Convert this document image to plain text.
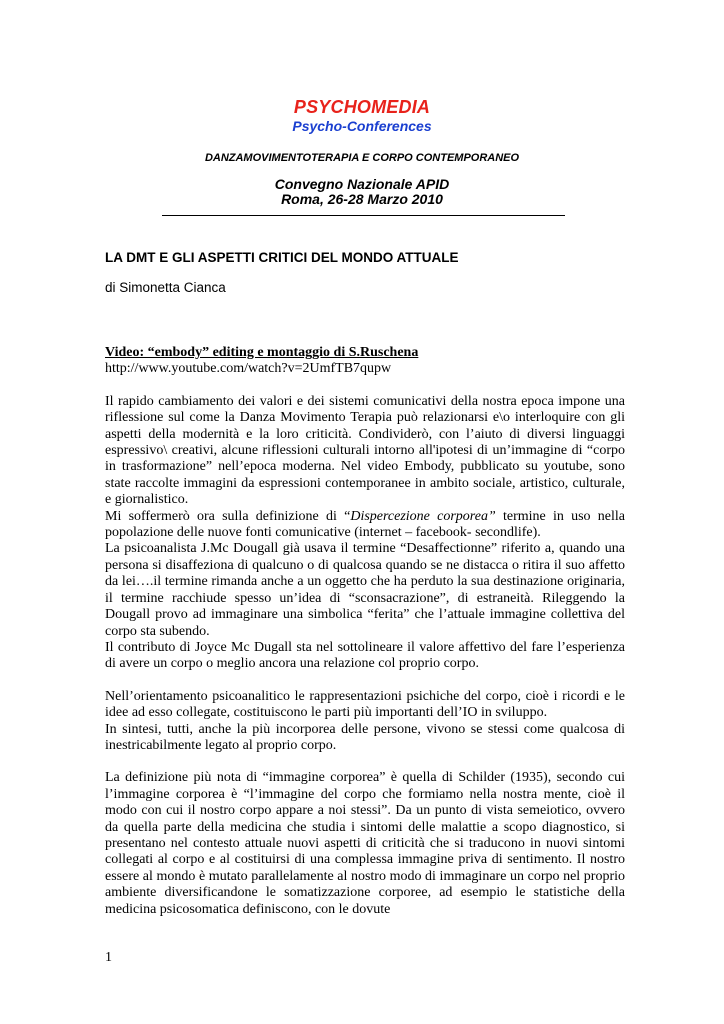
PSYCHOMEDIA
Psycho-Conferences
DANZAMOVIMENTOTERAPIA E CORPO CONTEMPORANEO
Convegno Nazionale APID
Roma, 26-28 Marzo 2010
LA DMT E GLI ASPETTI CRITICI DEL MONDO ATTUALE
di Simonetta Cianca

Video: “embody” editing e montaggio di S.Ruschena

http://www.youtube.com/watch?v=2UmfTB7qupw

Il rapido cambiamento dei valori e dei sistemi comunicativi della nostra epoca impone una riflessione sul come la Danza Movimento Terapia può relazionarsi e\o interloquire con gli aspetti della modernità e la loro criticità. Condividerò, con l’aiuto di diversi linguaggi espressivo\ creativi, alcune riflessioni culturali intorno all'ipotesi di un’immagine di “corpo in trasformazione” nell’epoca moderna. Nel video Embody, pubblicato su youtube, sono state raccolte immagini da espressioni contemporanee in ambito sociale, artistico, culturale, e giornalistico.

Mi soffermerò ora sulla definizione di “Dispercezione corporea” termine in uso nella popolazione delle nuove fonti comunicative (internet – facebook- secondlife).

La psicoanalista J.Mc Dougall già usava il termine “Desaffectionne” riferito a, quando una persona si disaffeziona di qualcuno o di qualcosa quando se ne distacca o ritira il suo affetto da lei….il termine rimanda anche a un oggetto che ha perduto la sua destinazione originaria, il termine racchiude spesso un’idea di “sconsacrazione”, di estraneità. Rileggendo la Dougall provo ad immaginare una simbolica “ferita” che l’attuale immagine collettiva del corpo sta subendo.

Il contributo di Joyce Mc Dugall sta nel sottolineare il valore affettivo del fare l’esperienza di avere un corpo o meglio ancora una relazione col proprio corpo.

Nell’orientamento psicoanalitico le rappresentazioni psichiche del corpo, cioè i ricordi e le idee ad esso collegate, costituiscono le parti più importanti dell’IO in sviluppo.

In sintesi, tutti, anche la più incorporea delle persone, vivono se stessi come qualcosa di inestricabilmente legato al proprio corpo.

La definizione più nota di “immagine corporea” è quella di Schilder (1935), secondo cui l’immagine corporea è “l’immagine del corpo che formiamo nella nostra mente, cioè il modo con cui il nostro corpo appare a noi stessi”. Da un punto di vista semeiotico, ovvero da quella parte della medicina che studia i sintomi delle malattie a scopo diagnostico, si presentano nel contesto attuale nuovi aspetti di criticità che si traducono in nuovi sintomi collegati al corpo e al costituirsi di una complessa immagine priva di sentimento. Il nostro essere al mondo è mutato parallelamente al nostro modo di immaginare un corpo nel proprio ambiente diversificandone le somatizzazione corporee, ad esempio le statistiche della medicina psicosomatica definiscono, con le dovute

1
